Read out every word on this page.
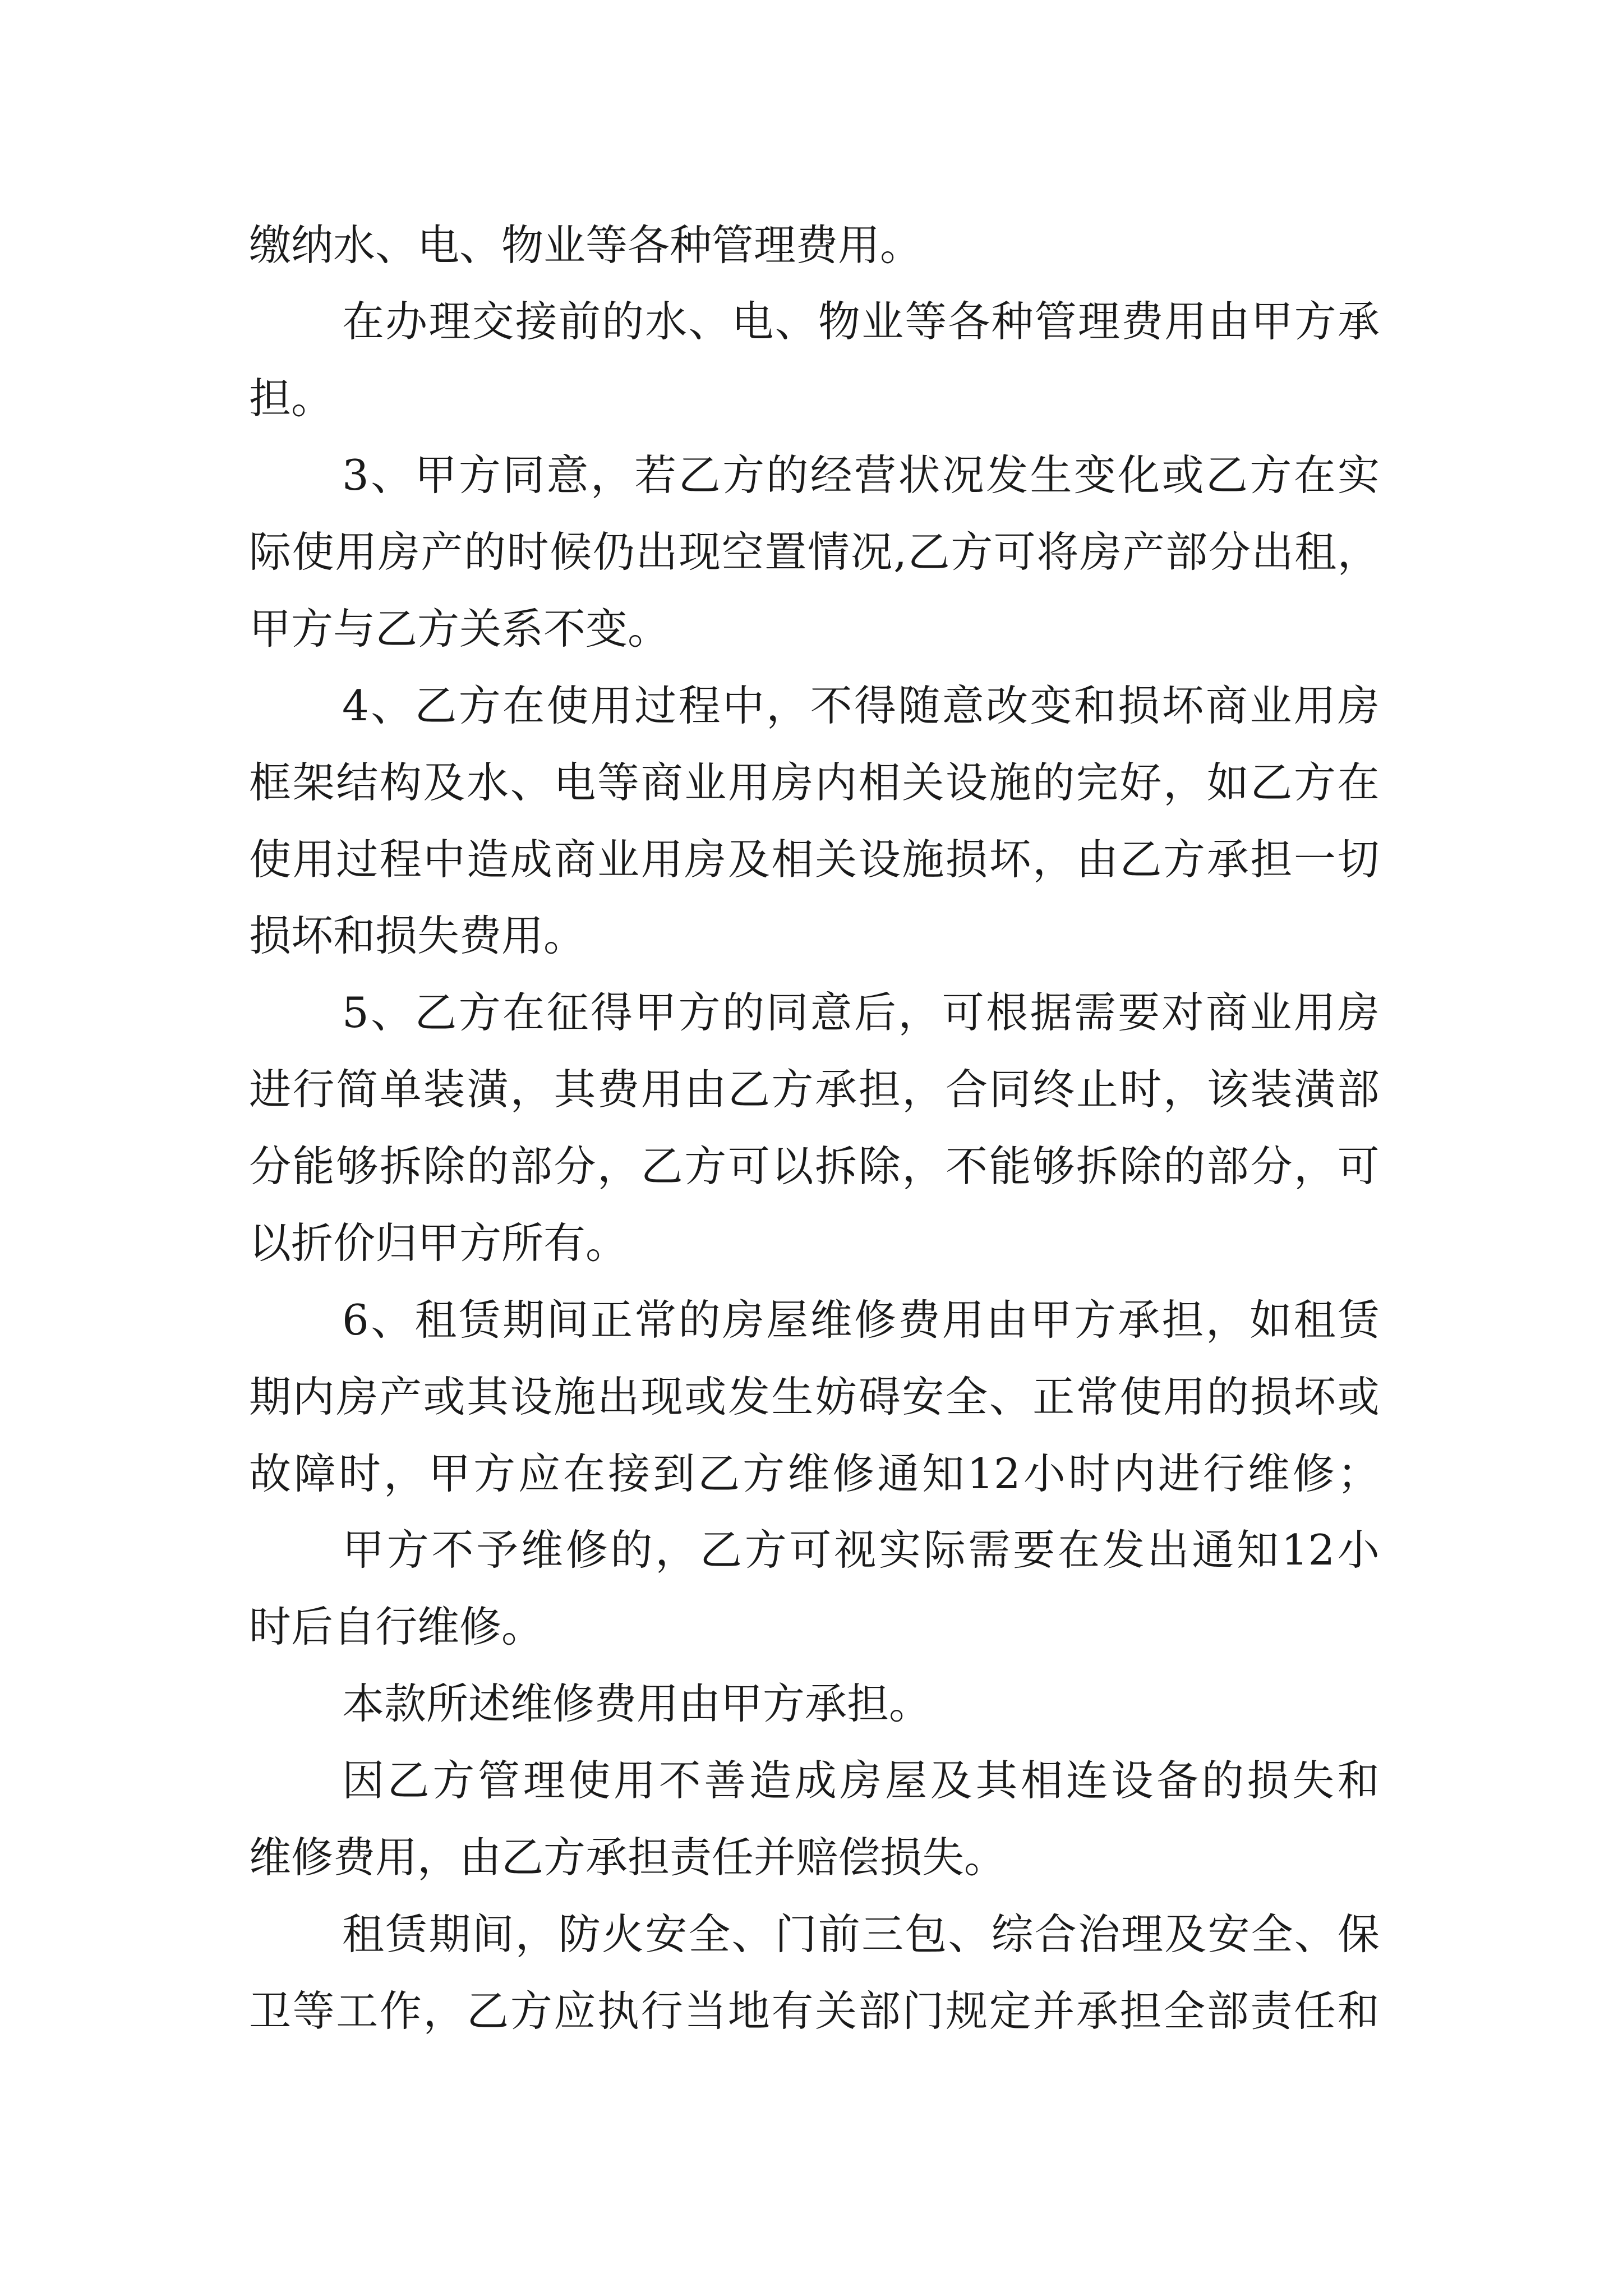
缴纳水、电、物业等各种管理费用。
在 办 理 交 接 前 的 水 、 电 、 物 业 等 各 种 管 理 费 用 由 甲 方 承
担。
3 、 甲 方 同 意 ， 若 乙 方 的 经 营 状 况 发 生 变 化 或 乙 方 在 实
际 使 用 房 产 的 时 候 仍 出 现 空 置 情 况 , 乙 方 可 将 房 产 部 分 出 租 ，
甲方与乙方关系不变。
4 、 乙 方 在 使 用 过 程 中 ， 不 得 随 意 改 变 和 损 坏 商 业 用 房
框 架 结 构 及 水 、 电 等 商 业 用 房 内 相 关 设 施 的 完 好 ， 如 乙 方 在
使 用 过 程 中 造 成 商 业 用 房 及 相 关 设 施 损 坏 ， 由 乙 方 承 担 一 切
损坏和损失费用。
5 、 乙 方 在 征 得 甲 方 的 同 意 后 ， 可 根 据 需 要 对 商 业 用 房
进 行 简 单 装 潢 ， 其 费 用 由 乙 方 承 担 ， 合 同 终 止 时 ， 该 装 潢 部
分 能 够 拆 除 的 部 分 ， 乙 方 可 以 拆 除 ， 不 能 够 拆 除 的 部 分 ， 可
以折价归甲方所有。
6 、 租 赁 期 间 正 常 的 房 屋 维 修 费 用 由 甲 方 承 担 ， 如 租 赁
期 内 房 产 或 其 设 施 出 现 或 发 生 妨 碍 安 全 、 正 常 使 用 的 损 坏 或
故 障 时 ， 甲 方 应 在 接 到 乙 方 维 修 通 知 12 小 时 内 进 行 维 修 ；
甲 方 不 予 维 修 的 ， 乙 方 可 视 实 际 需 要 在 发 出 通 知 12 小
时后自行维修。
本款所述维修费用由甲方承担。
因 乙 方 管 理 使 用 不 善 造 成 房 屋 及 其 相 连 设 备 的 损 失 和
维修费用，由乙方承担责任并赔偿损失。
租 赁 期 间 ， 防 火 安 全 、 门 前 三 包 、 综 合 治 理 及 安 全 、 保
卫 等 工 作 ， 乙 方 应 执 行 当 地 有 关 部 门 规 定 并 承 担 全 部 责 任 和
